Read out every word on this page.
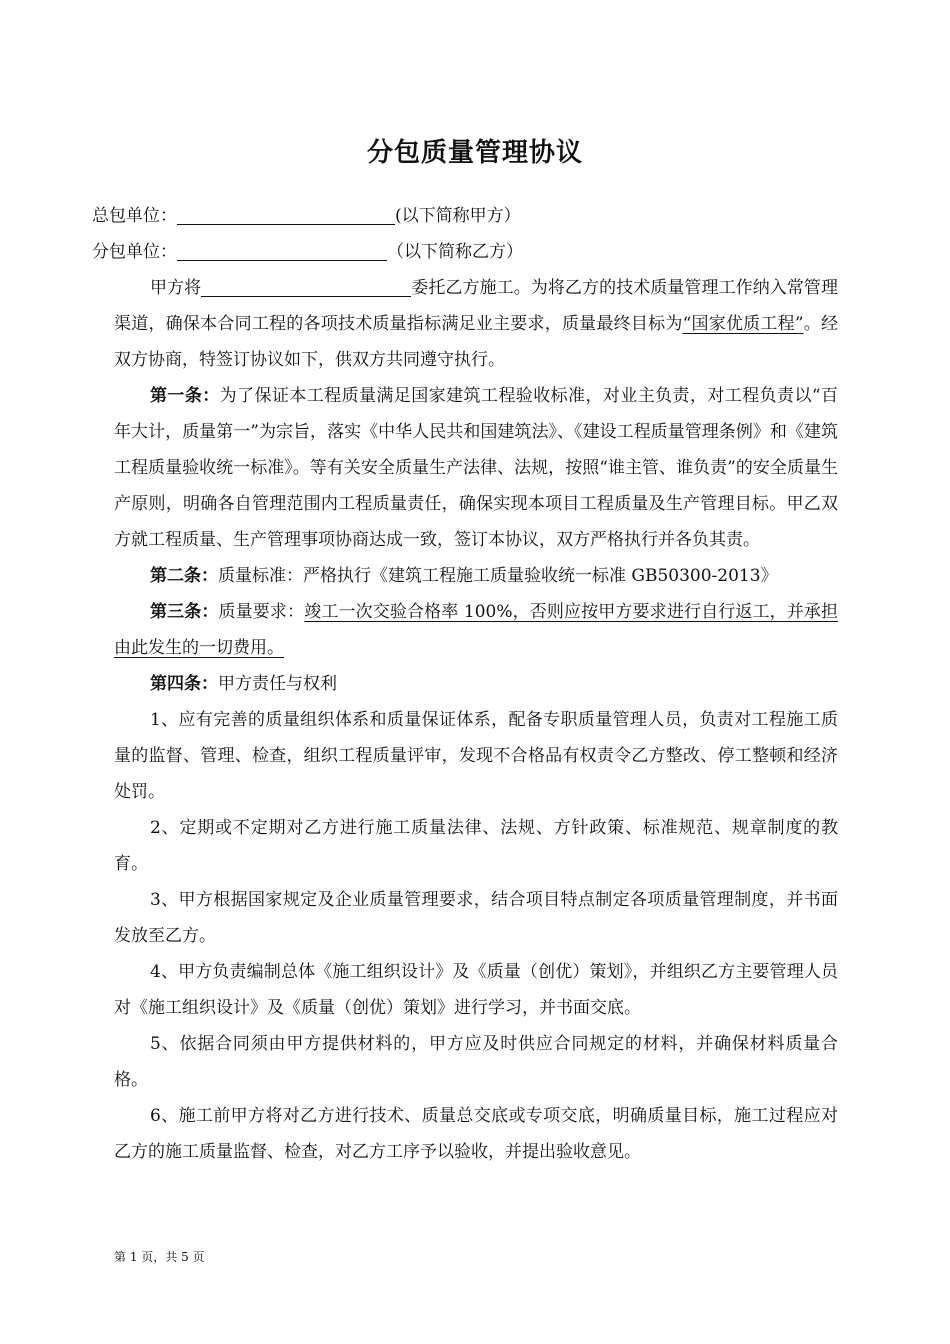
分包质量管理协议
总包单位：	(以下简称甲方）
分包单位：	（以下简称乙方）

甲方将	委托乙方施工。为将乙方的技术质量管理工作纳入常管理渠道，确保本合同工程的各项技术质量指标满足业主要求，质量最终目标为“国家优质工程”。经双方协商，特签订协议如下，供双方共同遵守执行。

第一条：为了保证本工程质量满足国家建筑工程验收标准，对业主负责，对工程负责以“百年大计，质量第一”为宗旨，落实《中华人民共和国建筑法》、《建设工程质量管理条例》和《建筑工程质量验收统一标准》。等有关安全质量生产法律、法规，按照“谁主管、谁负责”的安全质量生产原则，明确各自管理范围内工程质量责任，确保实现本项目工程质量及生产管理目标。甲乙双方就工程质量、生产管理事项协商达成一致，签订本协议，双方严格执行并各负其责。

第二条：质量标准：严格执行《建筑工程施工质量验收统一标准 GB50300-2013》

第三条：质量要求：竣工一次交验合格率 100%，否则应按甲方要求进行自行返工，并承担由此发生的一切费用。

第四条：甲方责任与权利

1、应有完善的质量组织体系和质量保证体系，配备专职质量管理人员，负责对工程施工质量的监督、管理、检查，组织工程质量评审，发现不合格品有权责令乙方整改、停工整顿和经济处罚。

2、定期或不定期对乙方进行施工质量法律、法规、方针政策、标准规范、规章制度的教育。

3、甲方根据国家规定及企业质量管理要求，结合项目特点制定各项质量管理制度，并书面发放至乙方。

4、甲方负责编制总体《施工组织设计》及《质量（创优）策划》，并组织乙方主要管理人员对《施工组织设计》及《质量（创优）策划》进行学习，并书面交底。

5、依据合同须由甲方提供材料的，甲方应及时供应合同规定的材料，并确保材料质量合格。

6、施工前甲方将对乙方进行技术、质量总交底或专项交底，明确质量目标，施工过程应对乙方的施工质量监督、检查，对乙方工序予以验收，并提出验收意见。

第 1 页，共 5 页
